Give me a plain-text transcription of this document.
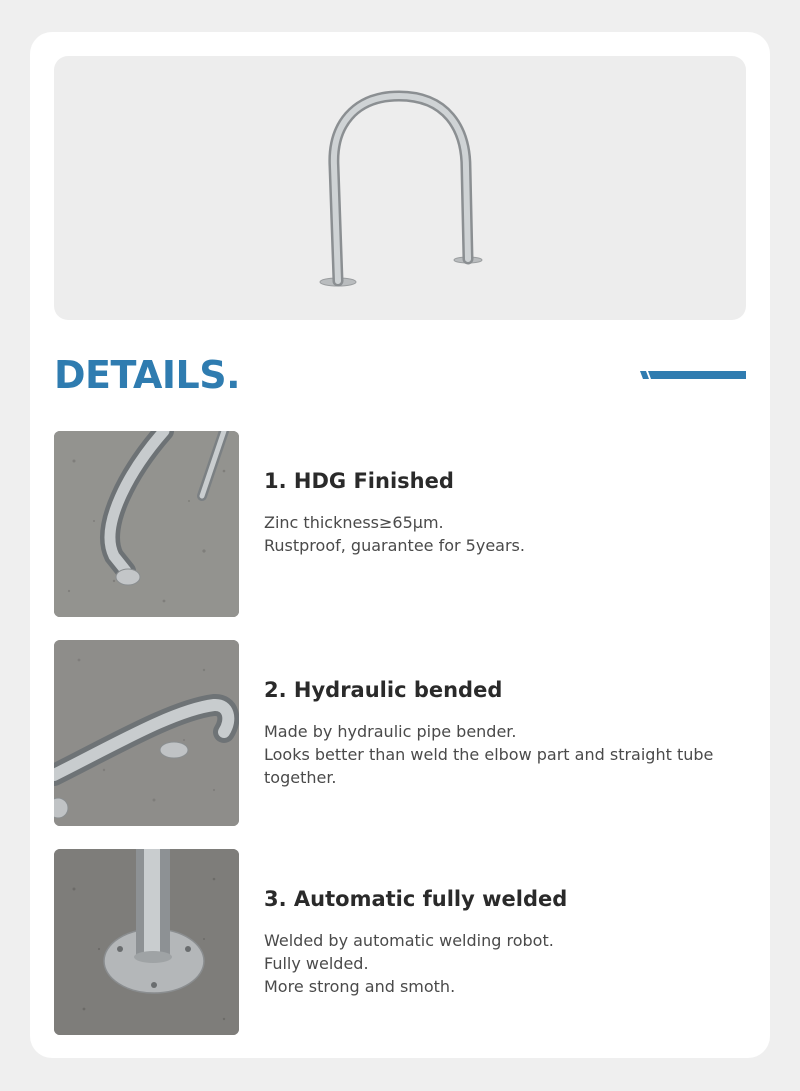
DETAILS.
1. HDG Finished
Zinc thickness≥65μm.
Rustproof, guarantee for 5years.
2. Hydraulic bended
Made by hydraulic pipe bender.
Looks better than weld the elbow part and straight tube together.
3. Automatic fully welded
Welded by automatic welding robot.
Fully welded.
More strong and smoth.
